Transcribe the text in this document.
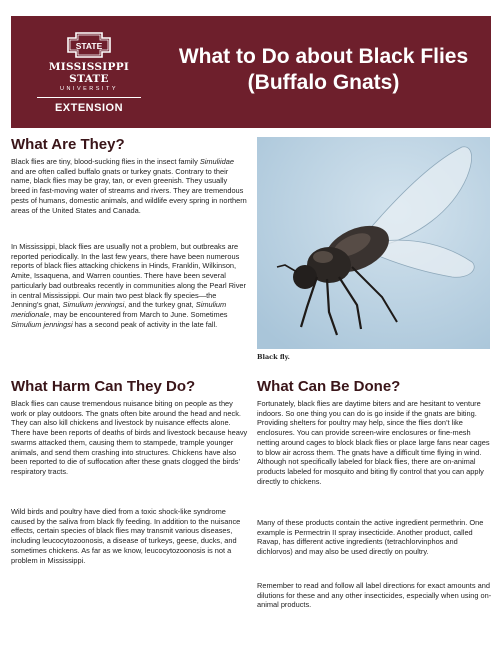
STATE
MISSISSIPPI STATE
UNIVERSITY
EXTENSION
What to Do about Black Flies (Buffalo Gnats)
What Are They?

Black flies are tiny, blood-sucking flies in the insect family Simuliidae and are often called buffalo gnats or turkey gnats. Contrary to their name, black flies may be gray, tan, or even greenish. They usually breed in fast-moving water of streams and rivers. They are tremendous pests of humans, domestic animals, and wildlife every spring in northern areas of the United States and Canada.

In Mississippi, black flies are usually not a problem, but outbreaks are reported periodically. In the last few years, there have been numerous reports of black flies attacking chickens in Hinds, Franklin, Wilkinson, Amite, Issaquena, and Warren counties. There have been several particularly bad outbreaks recently in communities along the Pearl River in central Mississippi. Our main two pest black fly species—the Jenning’s gnat, Simulium jenningsi, and the turkey gnat, Simulium meridionale, may be encountered from March to June. Sometimes Simulium jenningsi has a second peak of activity in the late fall.

Black fly.
What Harm Can They Do?

Black flies can cause tremendous nuisance biting on people as they work or play outdoors. The gnats often bite around the head and neck. They can also kill chickens and livestock by nuisance effects alone. There have been reports of deaths of birds and livestock because heavy swarms attacked them, causing them to stampede, trample younger animals, and send them crashing into structures. Chickens have also been reported to die of suffocation after these gnats clogged the birds’ respiratory tracts.

Wild birds and poultry have died from a toxic shock-like syndrome caused by the saliva from black fly feeding. In addition to the nuisance effects, certain species of black flies may transmit various diseases, including leucocytozoonosis, a disease of turkeys, geese, ducks, and sometimes chickens. As far as we know, leucocytozoonosis is not a problem in Mississippi.

What Can Be Done?

Fortunately, black flies are daytime biters and are hesitant to venture indoors. So one thing you can do is go inside if the gnats are biting. Providing shelters for poultry may help, since the flies don’t like enclosures. You can provide screen-wire enclosures or fine-mesh netting around cages to block black flies or place large fans near cages to blow air across them. The gnats have a difficult time flying in wind. Although not specifically labeled for black flies, there are on-animal products labeled for mosquito and biting fly control that you can apply directly to chickens.

Many of these products contain the active ingredient permethrin. One example is Permectrin II spray insecticide. Another product, called Ravap, has different active ingredients (tetrachlorvinphos and dichlorvos) and may also be used directly on poultry.

Remember to read and follow all label directions for exact amounts and dilutions for these and any other insecticides, especially when using on-animal products.
